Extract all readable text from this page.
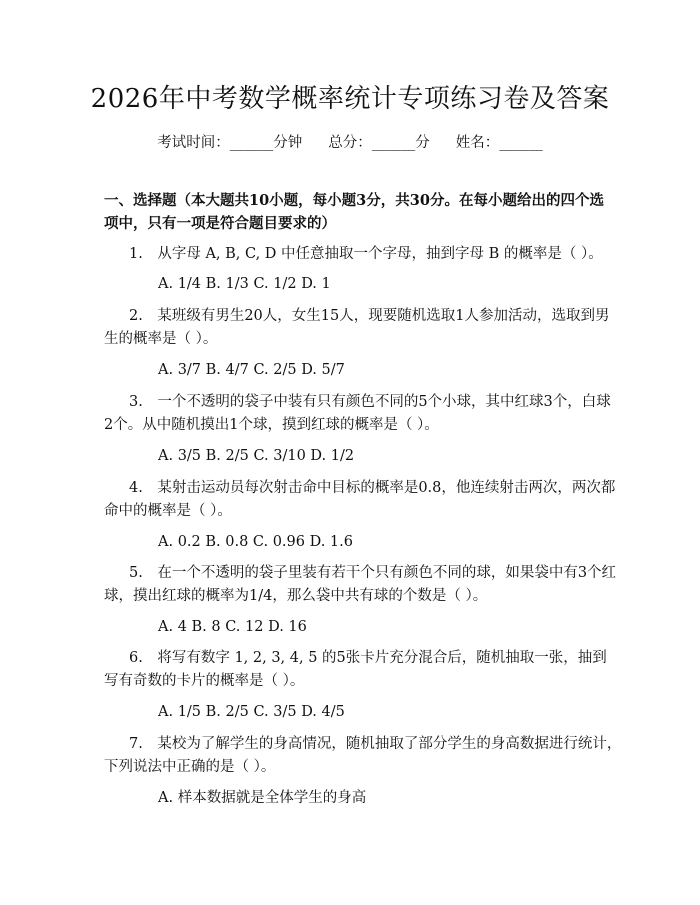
2026年中考数学概率统计专项练习卷及答案
考试时间：______分钟 总分：______分 姓名：______
一、选择题（本大题共10小题，每小题3分，共30分。在每小题给出的四个选
项中，只有一项是符合题目要求的）
1.　从字母 A, B, C, D 中任意抽取一个字母，抽到字母 B 的概率是（ ）。
A. 1/4 B. 1/3 C. 1/2 D. 1
2.　某班级有男生20人，女生15人，现要随机选取1人参加活动，选取到男
生的概率是（ ）。
A. 3/7 B. 4/7 C. 2/5 D. 5/7
3.　一个不透明的袋子中装有只有颜色不同的5个小球，其中红球3个，白球
2个。从中随机摸出1个球，摸到红球的概率是（ ）。
A. 3/5 B. 2/5 C. 3/10 D. 1/2
4.　某射击运动员每次射击命中目标的概率是0.8，他连续射击两次，两次都
命中的概率是（ ）。
A. 0.2 B. 0.8 C. 0.96 D. 1.6
5.　在一个不透明的袋子里装有若干个只有颜色不同的球，如果袋中有3个红
球，摸出红球的概率为1/4，那么袋中共有球的个数是（ ）。
A. 4 B. 8 C. 12 D. 16
6.　将写有数字 1, 2, 3, 4, 5 的5张卡片充分混合后，随机抽取一张，抽到
写有奇数的卡片的概率是（ ）。
A. 1/5 B. 2/5 C. 3/5 D. 4/5
7.　某校为了解学生的身高情况，随机抽取了部分学生的身高数据进行统计，
下列说法中正确的是（ ）。
A. 样本数据就是全体学生的身高
